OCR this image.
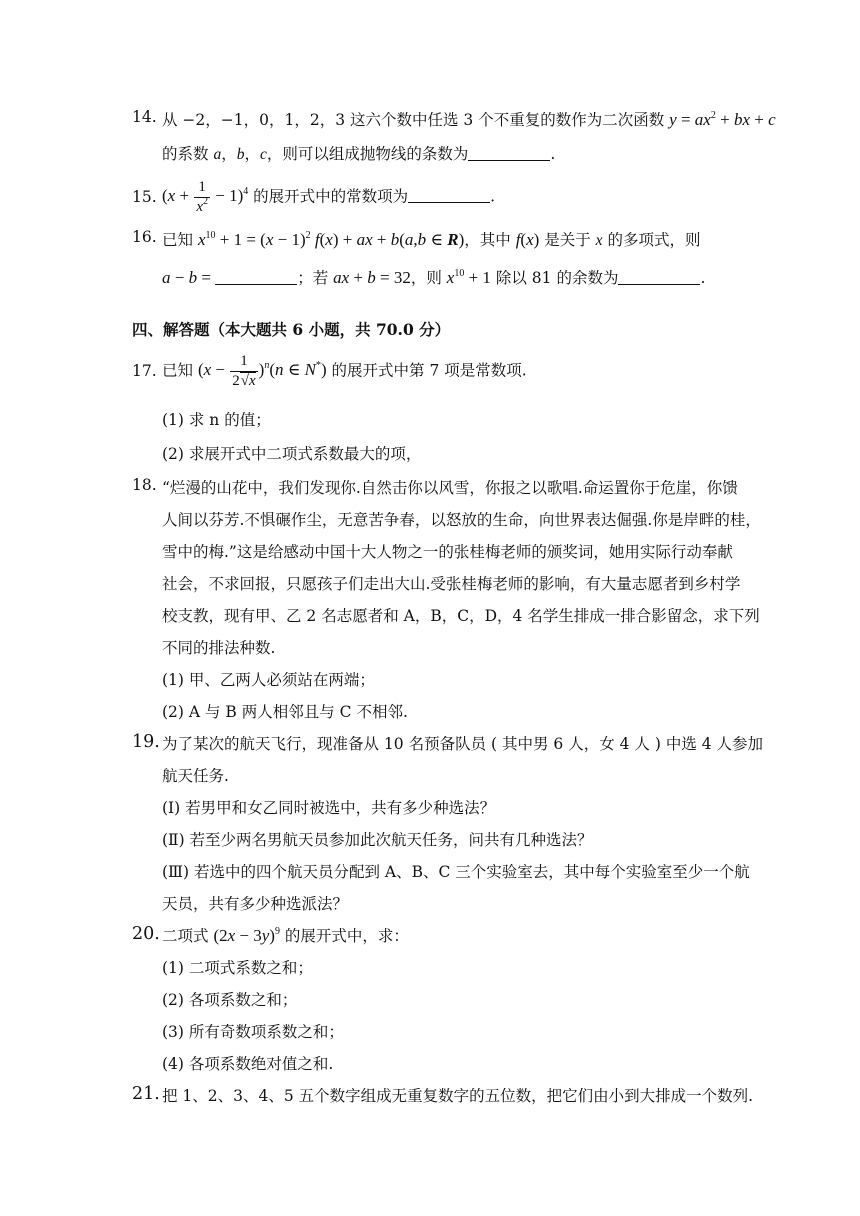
14. 从 −2，−1，0，1，2，3 这六个数中任选 3 个不重复的数作为二次函数 $y = ax^2$ + bx + c
的系数 a，b，c，则可以组成抛物线的条数为	.
15. $(x + \frac{1}{x^2} - 1)^4$ 的展开式中的常数项为	.
16. 已知 $x^{10} + 1 = (x - 1)^2$ f(x) + ax + b(a,b ∈ R)，其中 f(x) 是关于 x 的多项式，则
a − b =	；若 ax + b = 32，则 $x^{10} + 1$ 除以 81 的余数为	.
四、解答题（本大题共 6 小题，共 70.0 分）
17. 已知 $(x - \frac{1}{2√x} )^n(n$ ∈ N*) 的展开式中第 7 项是常数项.
(1) 求 n 的值；
(2) 求展开式中二项式系数最大的项，
18. “烂漫的山花中，我们发现你.自然击你以风雪，你报之以歌唱.命运置你于危崖，你馈
人间以芬芳.不惧碾作尘，无意苦争春，以怒放的生命，向世界表达倔强.你是岸畔的桂，
雪中的梅.”这是给感动中国十大人物之一的张桂梅老师的颁奖词，她用实际行动奉献
社会，不求回报，只愿孩子们走出大山.受张桂梅老师的影响，有大量志愿者到乡村学
校支教，现有甲、乙 2 名志愿者和 A，B，C，D，4 名学生排成一排合影留念，求下列
不同的排法种数.
(1) 甲、乙两人必须站在两端；
(2) A 与 B 两人相邻且与 C 不相邻.
19. 为了某次的航天飞行，现准备从 10 名预备队员 ( 其中男 6 人，女 4 人 ) 中选 4 人参加
航天任务.
(Ⅰ) 若男甲和女乙同时被选中，共有多少种选法？
(Ⅱ) 若至少两名男航天员参加此次航天任务，问共有几种选法？
(Ⅲ) 若选中的四个航天员分配到 A、B、C 三个实验室去，其中每个实验室至少一个航
天员，共有多少种选派法？
20. 二项式 $(2x - 3y)^9$ 的展开式中，求：
(1) 二项式系数之和；
(2) 各项系数之和；
(3) 所有奇数项系数之和；
(4) 各项系数绝对值之和.
21. 把 1、2、3、4、5 五个数字组成无重复数字的五位数，把它们由小到大排成一个数列.
